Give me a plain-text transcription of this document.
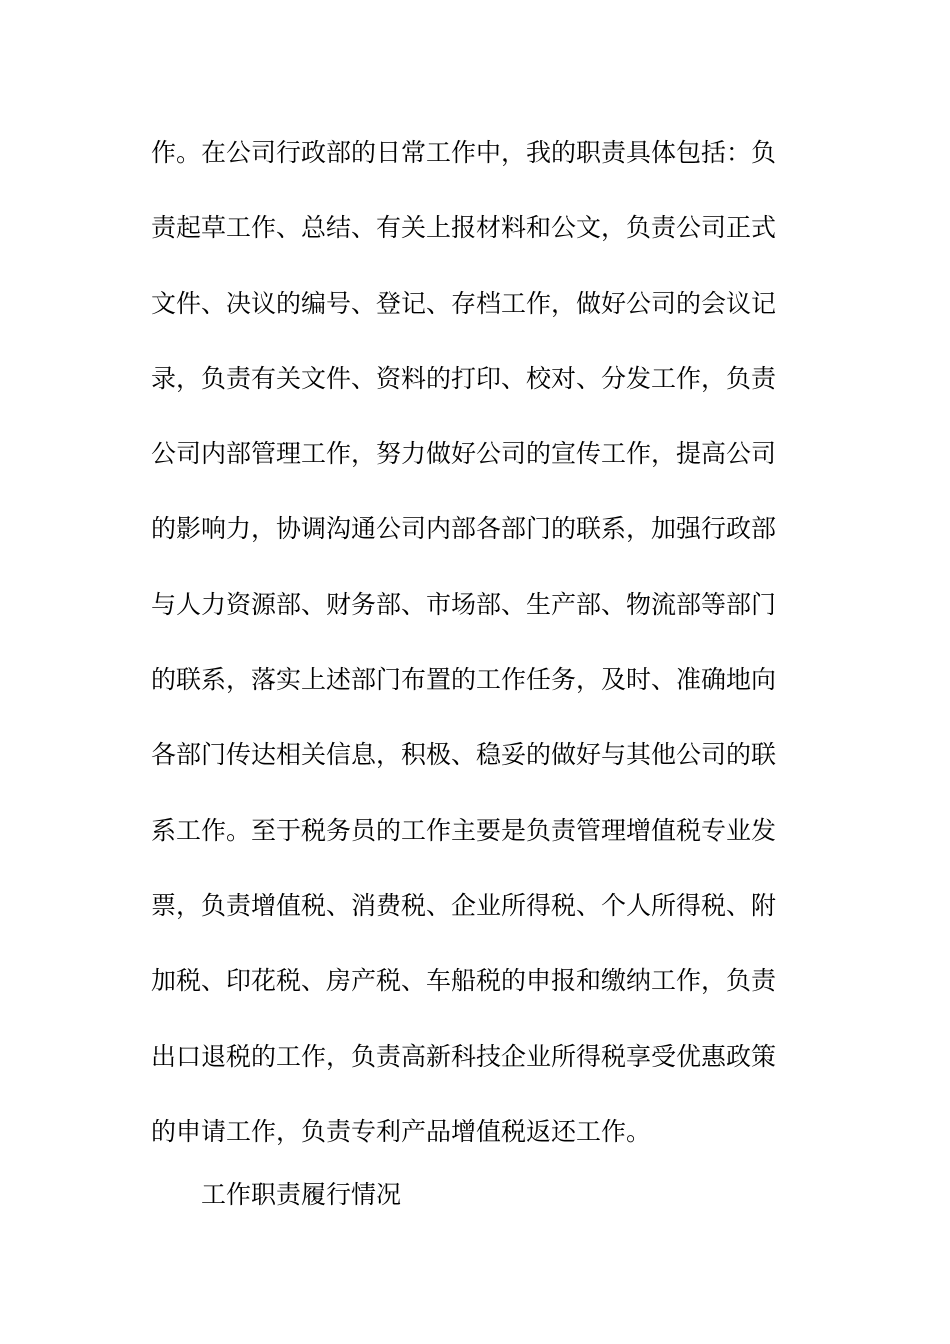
作。在公司行政部的日常工作中，我的职责具体包括：负
责起草工作、总结、有关上报材料和公文，负责公司正式
文件、决议的编号、登记、存档工作，做好公司的会议记
录，负责有关文件、资料的打印、校对、分发工作，负责
公司内部管理工作，努力做好公司的宣传工作，提高公司
的影响力，协调沟通公司内部各部门的联系，加强行政部
与人力资源部、财务部、市场部、生产部、物流部等部门
的联系，落实上述部门布置的工作任务，及时、准确地向
各部门传达相关信息，积极、稳妥的做好与其他公司的联
系工作。至于税务员的工作主要是负责管理增值税专业发
票，负责增值税、消费税、企业所得税、个人所得税、附
加税、印花税、房产税、车船税的申报和缴纳工作，负责
出口退税的工作，负责高新科技企业所得税享受优惠政策
的申请工作，负责专利产品增值税返还工作。
工作职责履行情况
